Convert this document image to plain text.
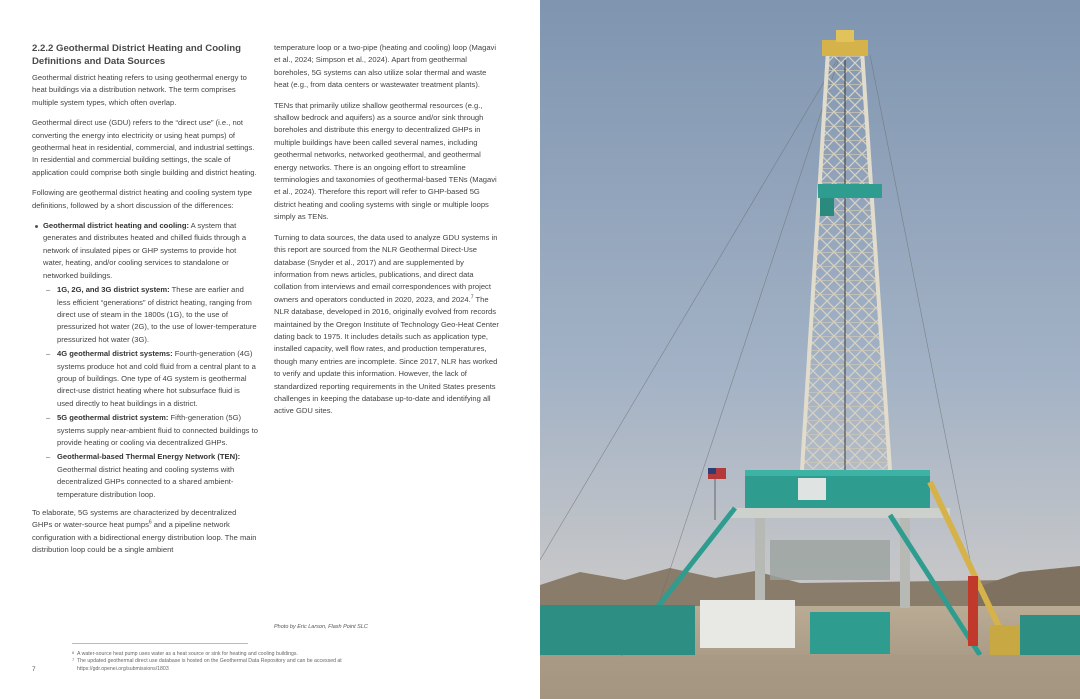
2.2.2 Geothermal District Heating and Cooling Definitions and Data Sources

Geothermal district heating refers to using geothermal energy to heat buildings via a distribution network. The term comprises multiple system types, which often overlap.

Geothermal direct use (GDU) refers to the “direct use” (i.e., not converting the energy into electricity or using heat pumps) of geothermal heat in residential, commercial, and industrial settings. In residential and commercial building settings, the scale of application could comprise both single building and district heating.

Following are geothermal district heating and cooling system type definitions, followed by a short discussion of the differences:

Geothermal district heating and cooling: A system that generates and distributes heated and chilled fluids through a network of insulated pipes or GHP systems to provide hot water, heating, and/or cooling services to standalone or networked buildings.
– 1G, 2G, and 3G district system: These are earlier and less efficient “generations” of district heating, ranging from direct use of steam in the 1800s (1G), to the use of pressurized hot water (2G), to the use of lower-temperature pressurized hot water (3G).
– 4G geothermal district systems: Fourth-generation (4G) systems produce hot and cold fluid from a central plant to a group of buildings. One type of 4G system is geothermal direct-use district heating where hot subsurface fluid is used directly to heat buildings in a district.
– 5G geothermal district system: Fifth-generation (5G) systems supply near-ambient fluid to connected buildings to provide heating or cooling via decentralized GHPs.
– Geothermal-based Thermal Energy Network (TEN): Geothermal district heating and cooling systems with decentralized GHPs connected to a shared ambient-temperature distribution loop.

To elaborate, 5G systems are characterized by decentralized GHPs or water-source heat pumps$^6$ and a pipeline network configuration with a bidirectional energy distribution loop. The main distribution loop could be a single ambient

temperature loop or a two-pipe (heating and cooling) loop (Magavi et al., 2024; Simpson et al., 2024). Apart from geothermal boreholes, 5G systems can also utilize solar thermal and waste heat (e.g., from data centers or wastewater treatment plants).

TENs that primarily utilize shallow geothermal resources (e.g., shallow bedrock and aquifers) as a source and/or sink through boreholes and distribute this energy to decentralized GHPs in multiple buildings have been called several names, including geothermal networks, networked geothermal, and geothermal energy networks. There is an ongoing effort to streamline terminologies and taxonomies of geothermal-based TENs (Magavi et al., 2024). Therefore this report will refer to GHP-based 5G district heating and cooling systems with single or multiple loops simply as TENs.

Turning to data sources, the data used to analyze GDU systems in this report are sourced from the NLR Geothermal Direct-Use database (Snyder et al., 2017) and are supplemented by information from news articles, publications, and direct data collation from interviews and email correspondences with project owners and operators conducted in 2020, 2023, and 2024.$^7$ The NLR database, developed in 2016, originally evolved from records maintained by the Oregon Institute of Technology Geo-Heat Center dating back to 1975. It includes details such as application type, installed capacity, well flow rates, and production temperatures, though many entries are incomplete. Since 2017, NLR has worked to verify and update this information. However, the lack of standardized reporting requirements in the United States presents challenges in keeping the database up-to-date and identifying all active GDU sites.

Photo by Eric Larson, Flash Point SLC
6 A water-source heat pump uses water as a heat source or sink for heating and cooling buildings.
7 The updated geothermal direct use database is hosted on the Geothermal Data Repository and can be accessed at https://gdr.openei.org/submissions/1803
7
